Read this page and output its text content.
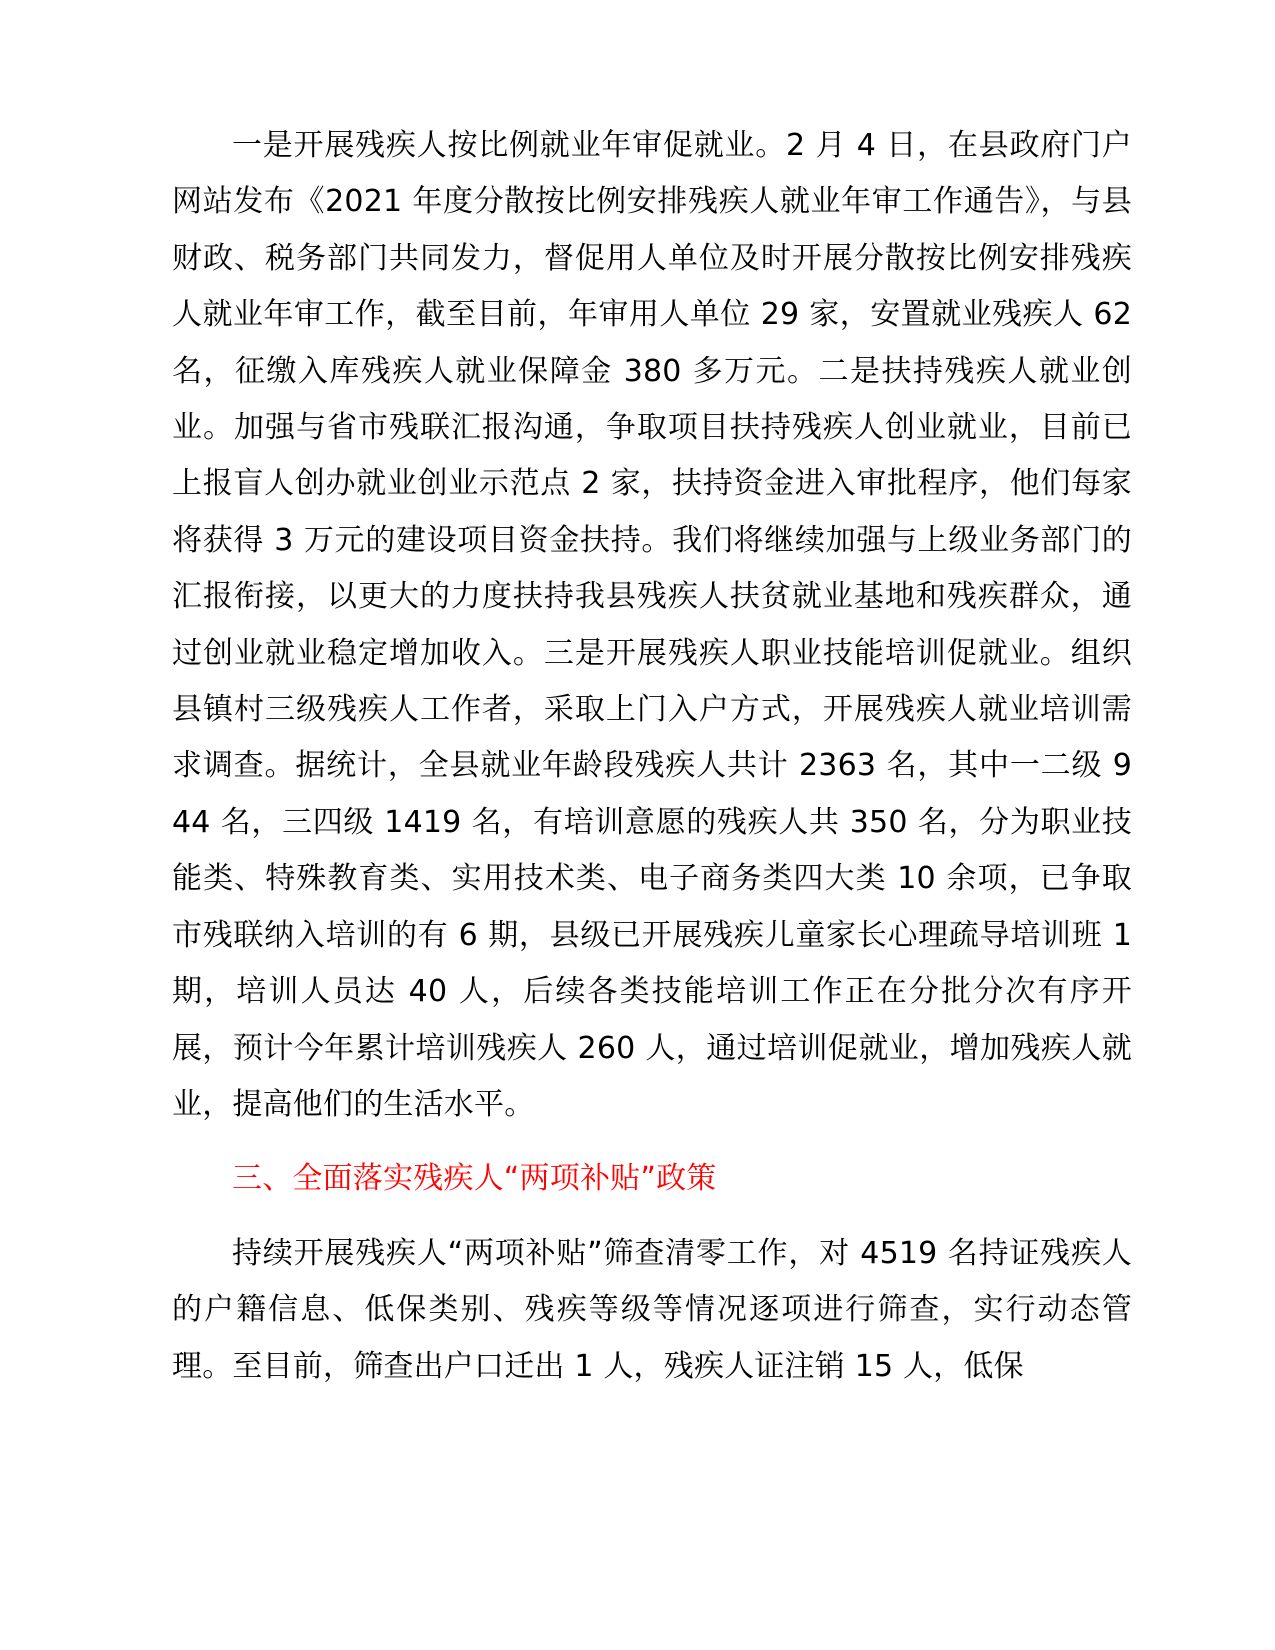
一是开展残疾人按比例就业年审促就业。2 月 4 日，在县政府门户网站发布《2021 年度分散按比例安排残疾人就业年审工作通告》，与县财政、税务部门共同发力，督促用人单位及时开展分散按比例安排残疾人就业年审工作，截至目前，年审用人单位 29 家，安置就业残疾人 62 名，征缴入库残疾人就业保障金 380 多万元。二是扶持残疾人就业创业。加强与省市残联汇报沟通，争取项目扶持残疾人创业就业，目前已上报盲人创办就业创业示范点 2 家，扶持资金进入审批程序，他们每家将获得 3 万元的建设项目资金扶持。我们将继续加强与上级业务部门的汇报衔接，以更大的力度扶持我县残疾人扶贫就业基地和残疾群众，通过创业就业稳定增加收入。三是开展残疾人职业技能培训促就业。组织县镇村三级残疾人工作者，采取上门入户方式，开展残疾人就业培训需求调查。据统计，全县就业年龄段残疾人共计 2363 名，其中一二级 944 名，三四级 1419 名，有培训意愿的残疾人共 350 名，分为职业技能类、特殊教育类、实用技术类、电子商务类四大类 10 余项，已争取市残联纳入培训的有 6 期，县级已开展残疾儿童家长心理疏导培训班 1 期，培训人员达 40 人，后续各类技能培训工作正在分批分次有序开展，预计今年累计培训残疾人 260 人，通过培训促就业，增加残疾人就业，提高他们的生活水平。

三、全面落实残疾人“两项补贴”政策

持续开展残疾人“两项补贴”筛查清零工作，对 4519 名持证残疾人的户籍信息、低保类别、残疾等级等情况逐项进行筛查，实行动态管理。至目前，筛查出户口迁出 1 人，残疾人证注销 15 人，低保
